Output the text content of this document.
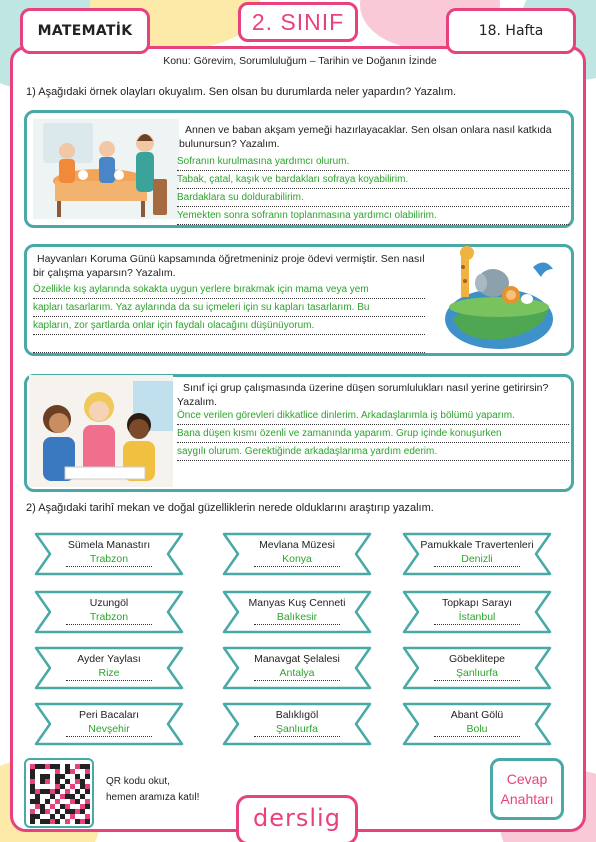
MATEMATİK	2. SINIF	18. Hafta
Konu: Görevim, Sorumluluğum – Tarihin ve Doğanın İzinde
1) Aşağıdaki örnek olayları okuyalım. Sen olsan bu durumlarda neler yapardın? Yazalım.
Annen ve baban akşam yemeği hazırlayacaklar. Sen olsan onlara nasıl katkıda bulunursun? Yazalım.
Sofranın kurulmasına yardımcı olurum.
Tabak, çatal, kaşık ve bardakları sofraya koyabilirim.
Bardaklara su doldurabilirim.
Yemekten sonra sofranın toplanmasına yardımcı olabilirim.
Hayvanları Koruma Günü kapsamında öğretmeniniz proje ödevi vermiştir. Sen nasıl bir çalışma yaparsın? Yazalım.
Özellikle kış aylarında sokakta uygun yerlere bırakmak için mama veya yem
kapları tasarlarım. Yaz aylarında da su içmeleri için su kapları tasarlarım. Bu
kapların, zor şartlarda onlar için faydalı olacağını düşünüyorum.
Sınıf içi grup çalışmasında üzerine düşen sorumlulukları nasıl yerine getirirsin? Yazalım.
Önce verilen görevleri dikkatlice dinlerim. Arkadaşlarımla iş bölümü yaparım.
Bana düşen kısmı özenli ve zamanında yaparım. Grup içinde konuşurken
saygılı olurum. Gerektiğinde arkadaşlarıma yardım ederim.
2) Aşağıdaki tarihî mekan ve doğal güzelliklerin nerede olduklarını araştırıp yazalım.
Sümela Manastırı
Trabzon
Mevlana Müzesi
Konya
Pamukkale Travertenleri
Denizli
Uzungöl
Trabzon
Manyas Kuş Cenneti
Balıkesir
Topkapı Sarayı
İstanbul
Ayder Yaylası
Rize
Manavgat Şelalesi
Antalya
Göbeklitepe
Şanlıurfa
Peri Bacaları
Nevşehir
Balıklıgöl
Şanlıurfa
Abant Gölü
Bolu
QR kodu okut,
hemen aramıza katıl!
derslig
Cevap
Anahtarı
